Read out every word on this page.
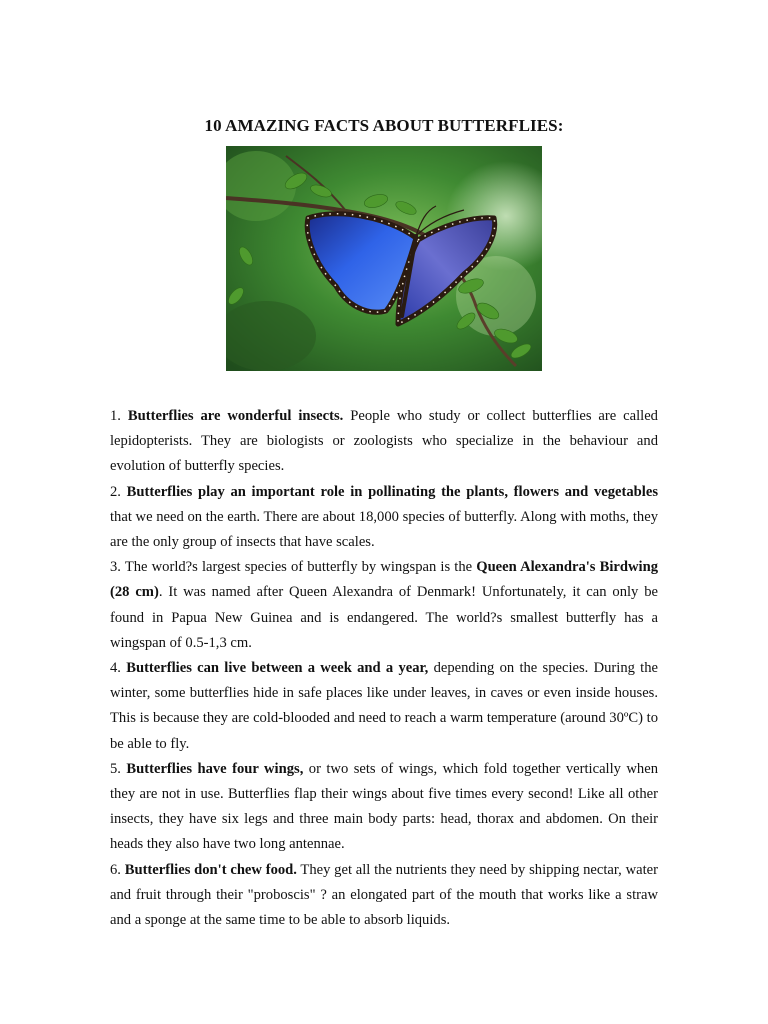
10 AMAZING FACTS ABOUT BUTTERFLIES:

1. Butterflies are wonderful insects. People who study or collect butterflies are called lepidopterists. They are biologists or zoologists who specialize in the behaviour and evolution of butterfly species.

2. Butterflies play an important role in pollinating the plants, flowers and vegetables that we need on the earth. There are about 18,000 species of butterfly. Along with moths, they are the only group of insects that have scales.

3. The world?s largest species of butterfly by wingspan is the Queen Alexandra's Birdwing (28 cm). It was named after Queen Alexandra of Denmark! Unfortunately, it can only be found in Papua New Guinea and is endangered. The world?s smallest butterfly has a wingspan of 0.5-1,3 cm.

4. Butterflies can live between a week and a year, depending on the species. During the winter, some butterflies hide in safe places like under leaves, in caves or even inside houses. This is because they are cold-blooded and need to reach a warm temperature (around 30ºC) to be able to fly.

5. Butterflies have four wings, or two sets of wings, which fold together vertically when they are not in use. Butterflies flap their wings about five times every second! Like all other insects, they have six legs and three main body parts: head, thorax and abdomen. On their heads they also have two long antennae.

6. Butterflies don't chew food. They get all the nutrients they need by shipping nectar, water and fruit through their "proboscis" ? an elongated part of the mouth that works like a straw and a sponge at the same time to be able to absorb liquids.
